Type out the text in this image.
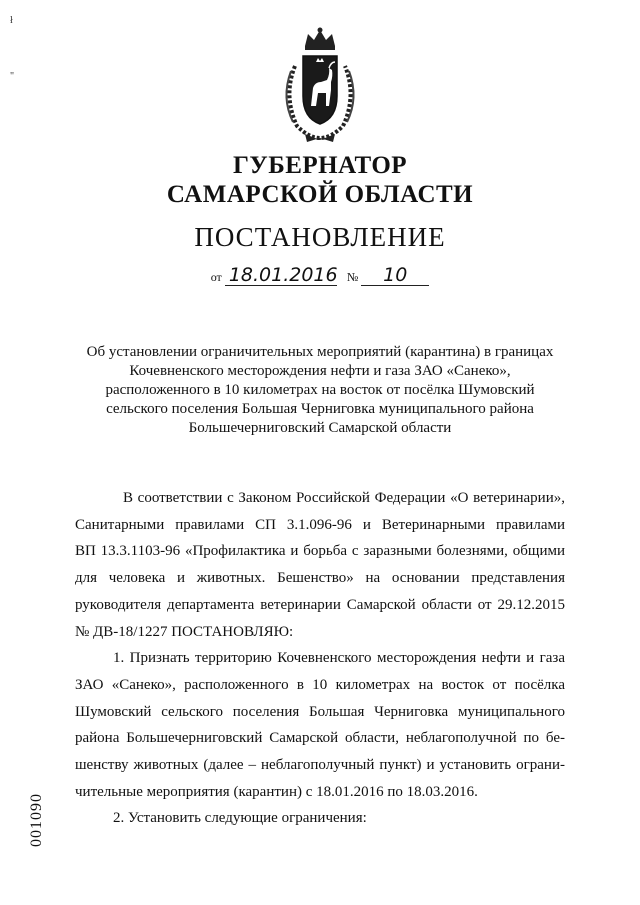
ł

"
ГУБЕРНАТОР
САМАРСКОЙ ОБЛАСТИ
ПОСТАНОВЛЕНИЕ
от 18.01.2016 № 10
Об установлении ограничительных мероприятий (карантина) в границах
Кочевненского месторождения нефти и газа ЗАО «Санеко»,
расположенного в 10 километрах на восток от посёлка Шумовский
сельского поселения Большая Черниговка муниципального района
Большечерниговский Самарской области

В соответствии с Законом Российской Федерации «О ветеринарии»,

Санитарными правилами СП 3.1.096-96 и Ветеринарными правилами

ВП 13.3.1103-96 «Профилактика и борьба с заразными болезнями, общими

для человека и животных. Бешенство» на основании представления

руководителя департамента ветеринарии Самарской области от 29.12.2015

№ ДВ-18/1227 ПОСТАНОВЛЯЮ:

1. Признать территорию Кочевненского месторождения нефти и газа

ЗАО «Санеко», расположенного в 10 километрах на восток от посёлка

Шумовский сельского поселения Большая Черниговка муниципального

района Большечерниговский Самарской области, неблагополучной по бе-

шенству животных (далее – неблагополучный пункт) и установить ограни-

чительные мероприятия (карантин) с 18.01.2016 по 18.03.2016.

2. Установить следующие ограничения:

001090
